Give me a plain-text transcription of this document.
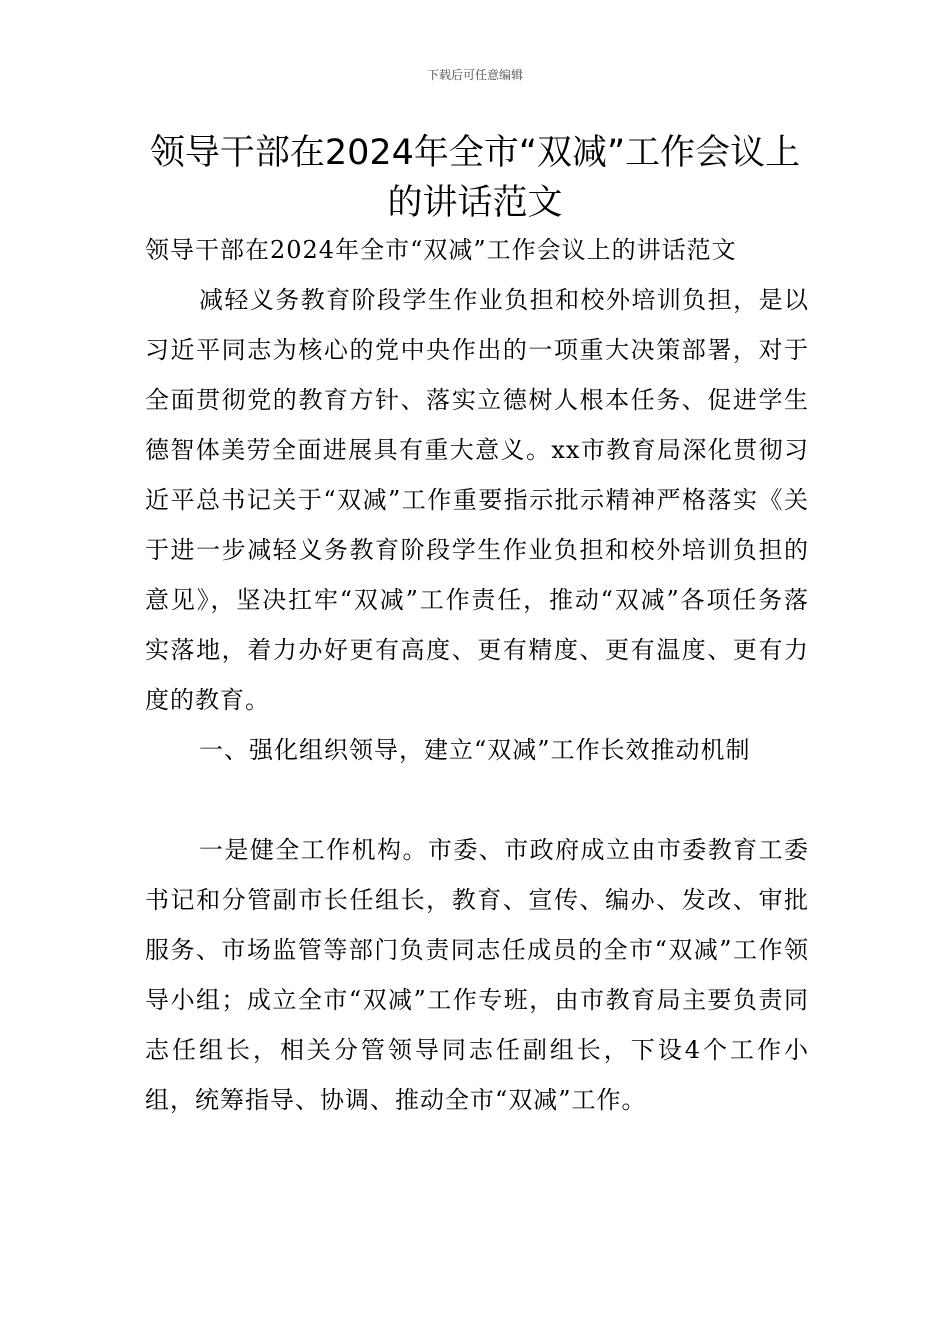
下载后可任意编辑
领导干部在2024年全市“双减”工作会议上的讲话范文

领导干部在2024年全市“双减”工作会议上的讲话范文

减轻义务教育阶段学生作业负担和校外培训负担，是以习近平同志为核心的党中央作出的一项重大决策部署，对于全面贯彻党的教育方针、落实立德树人根本任务、促进学生德智体美劳全面进展具有重大意义。xx市教育局深化贯彻习近平总书记关于“双减”工作重要指示批示精神严格落实《关于进一步减轻义务教育阶段学生作业负担和校外培训负担的意见》，坚决扛牢“双减”工作责任，推动“双减”各项任务落实落地，着力办好更有高度、更有精度、更有温度、更有力度的教育。

一、强化组织领导，建立“双减”工作长效推动机制

一是健全工作机构。市委、市政府成立由市委教育工委书记和分管副市长任组长，教育、宣传、编办、发改、审批服务、市场监管等部门负责同志任成员的全市“双减”工作领导小组；成立全市“双减”工作专班，由市教育局主要负责同志任组长，相关分管领导同志任副组长，下设4个工作小组，统筹指导、协调、推动全市“双减”工作。
